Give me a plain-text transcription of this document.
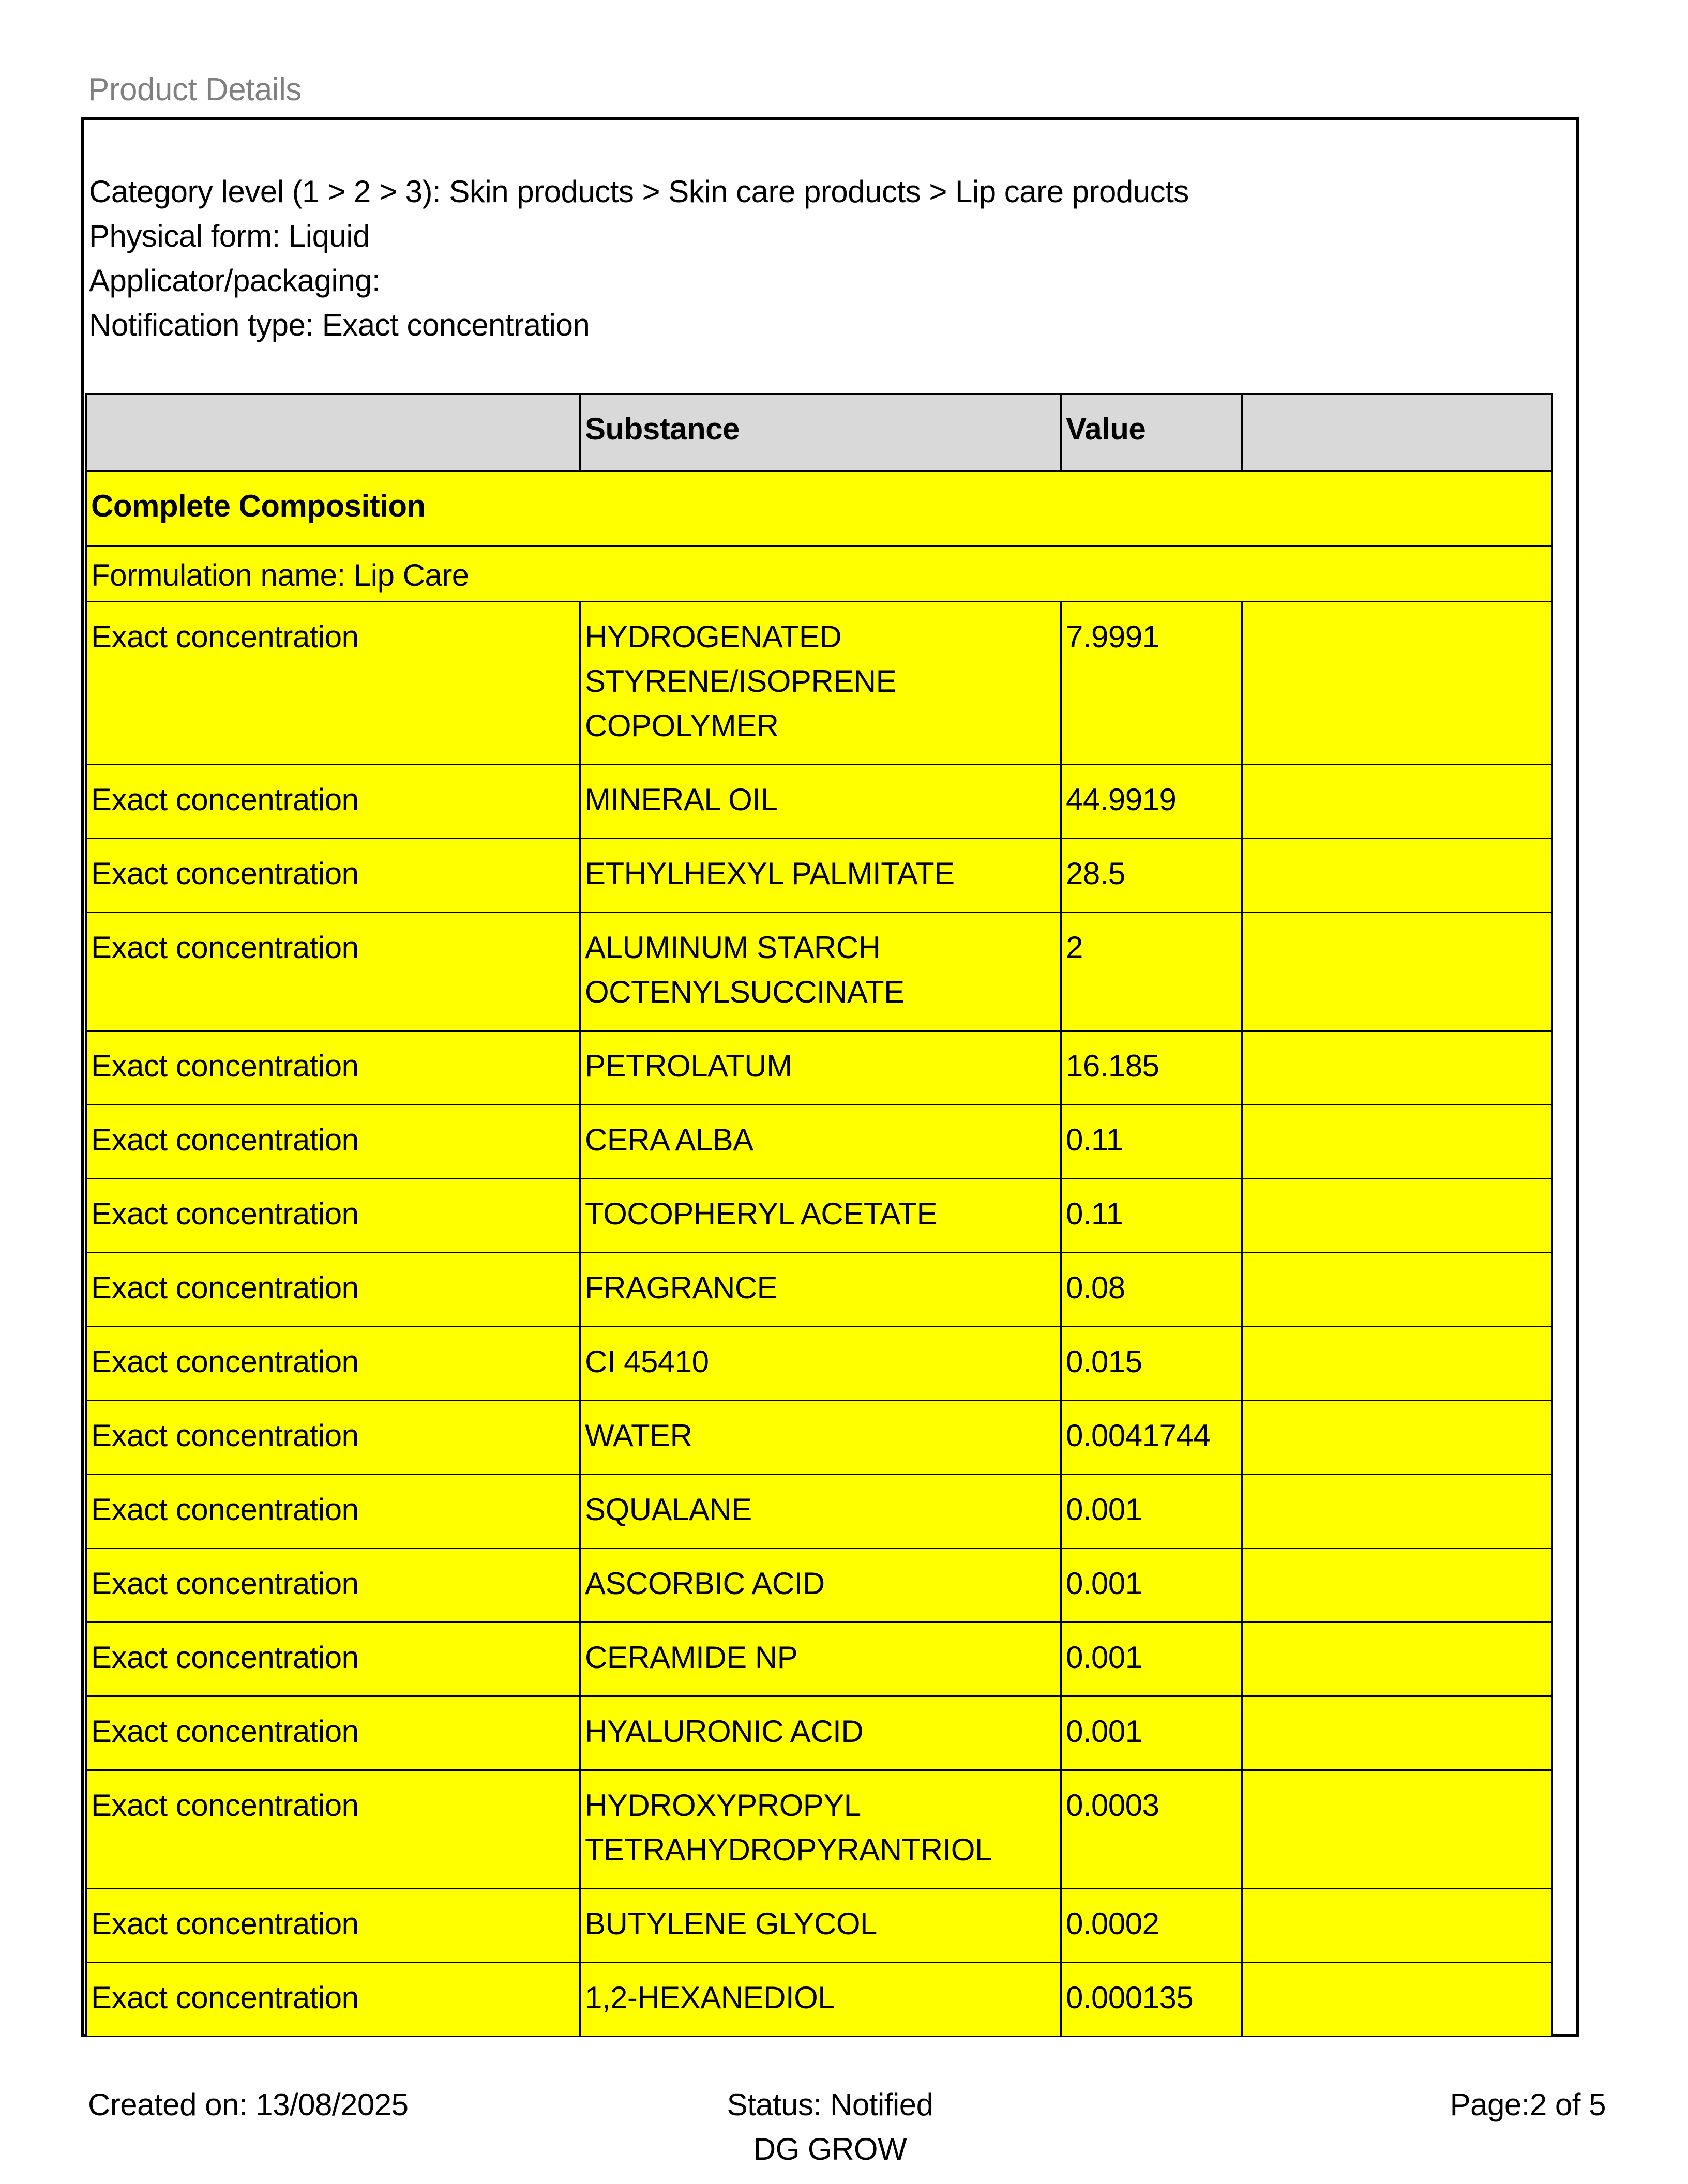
Product Details
Category level (1 > 2 > 3): Skin products > Skin care products > Lip care products
Physical form: Liquid
Applicator/packaging:
Notification type: Exact concentration
	Substance	Value	
Complete Composition			
Formulation name: Lip Care			
Exact concentration	HYDROGENATED STYRENE/ISOPRENE COPOLYMER	7.9991	
Exact concentration	MINERAL OIL	44.9919	
Exact concentration	ETHYLHEXYL PALMITATE	28.5	
Exact concentration	ALUMINUM STARCH OCTENYLSUCCINATE	2	
Exact concentration	PETROLATUM	16.185	
Exact concentration	CERA ALBA	0.11	
Exact concentration	TOCOPHERYL ACETATE	0.11	
Exact concentration	FRAGRANCE	0.08	
Exact concentration	CI 45410	0.015	
Exact concentration	WATER	0.0041744	
Exact concentration	SQUALANE	0.001	
Exact concentration	ASCORBIC ACID	0.001	
Exact concentration	CERAMIDE NP	0.001	
Exact concentration	HYALURONIC ACID	0.001	
Exact concentration	HYDROXYPROPYL TETRAHYDROPYRANTRIOL	0.0003	
Exact concentration	BUTYLENE GLYCOL	0.0002	
Exact concentration	1,2-HEXANEDIOL	0.000135	
Created on: 13/08/2025	Status: Notified
DG GROW
Page:2 of 5
